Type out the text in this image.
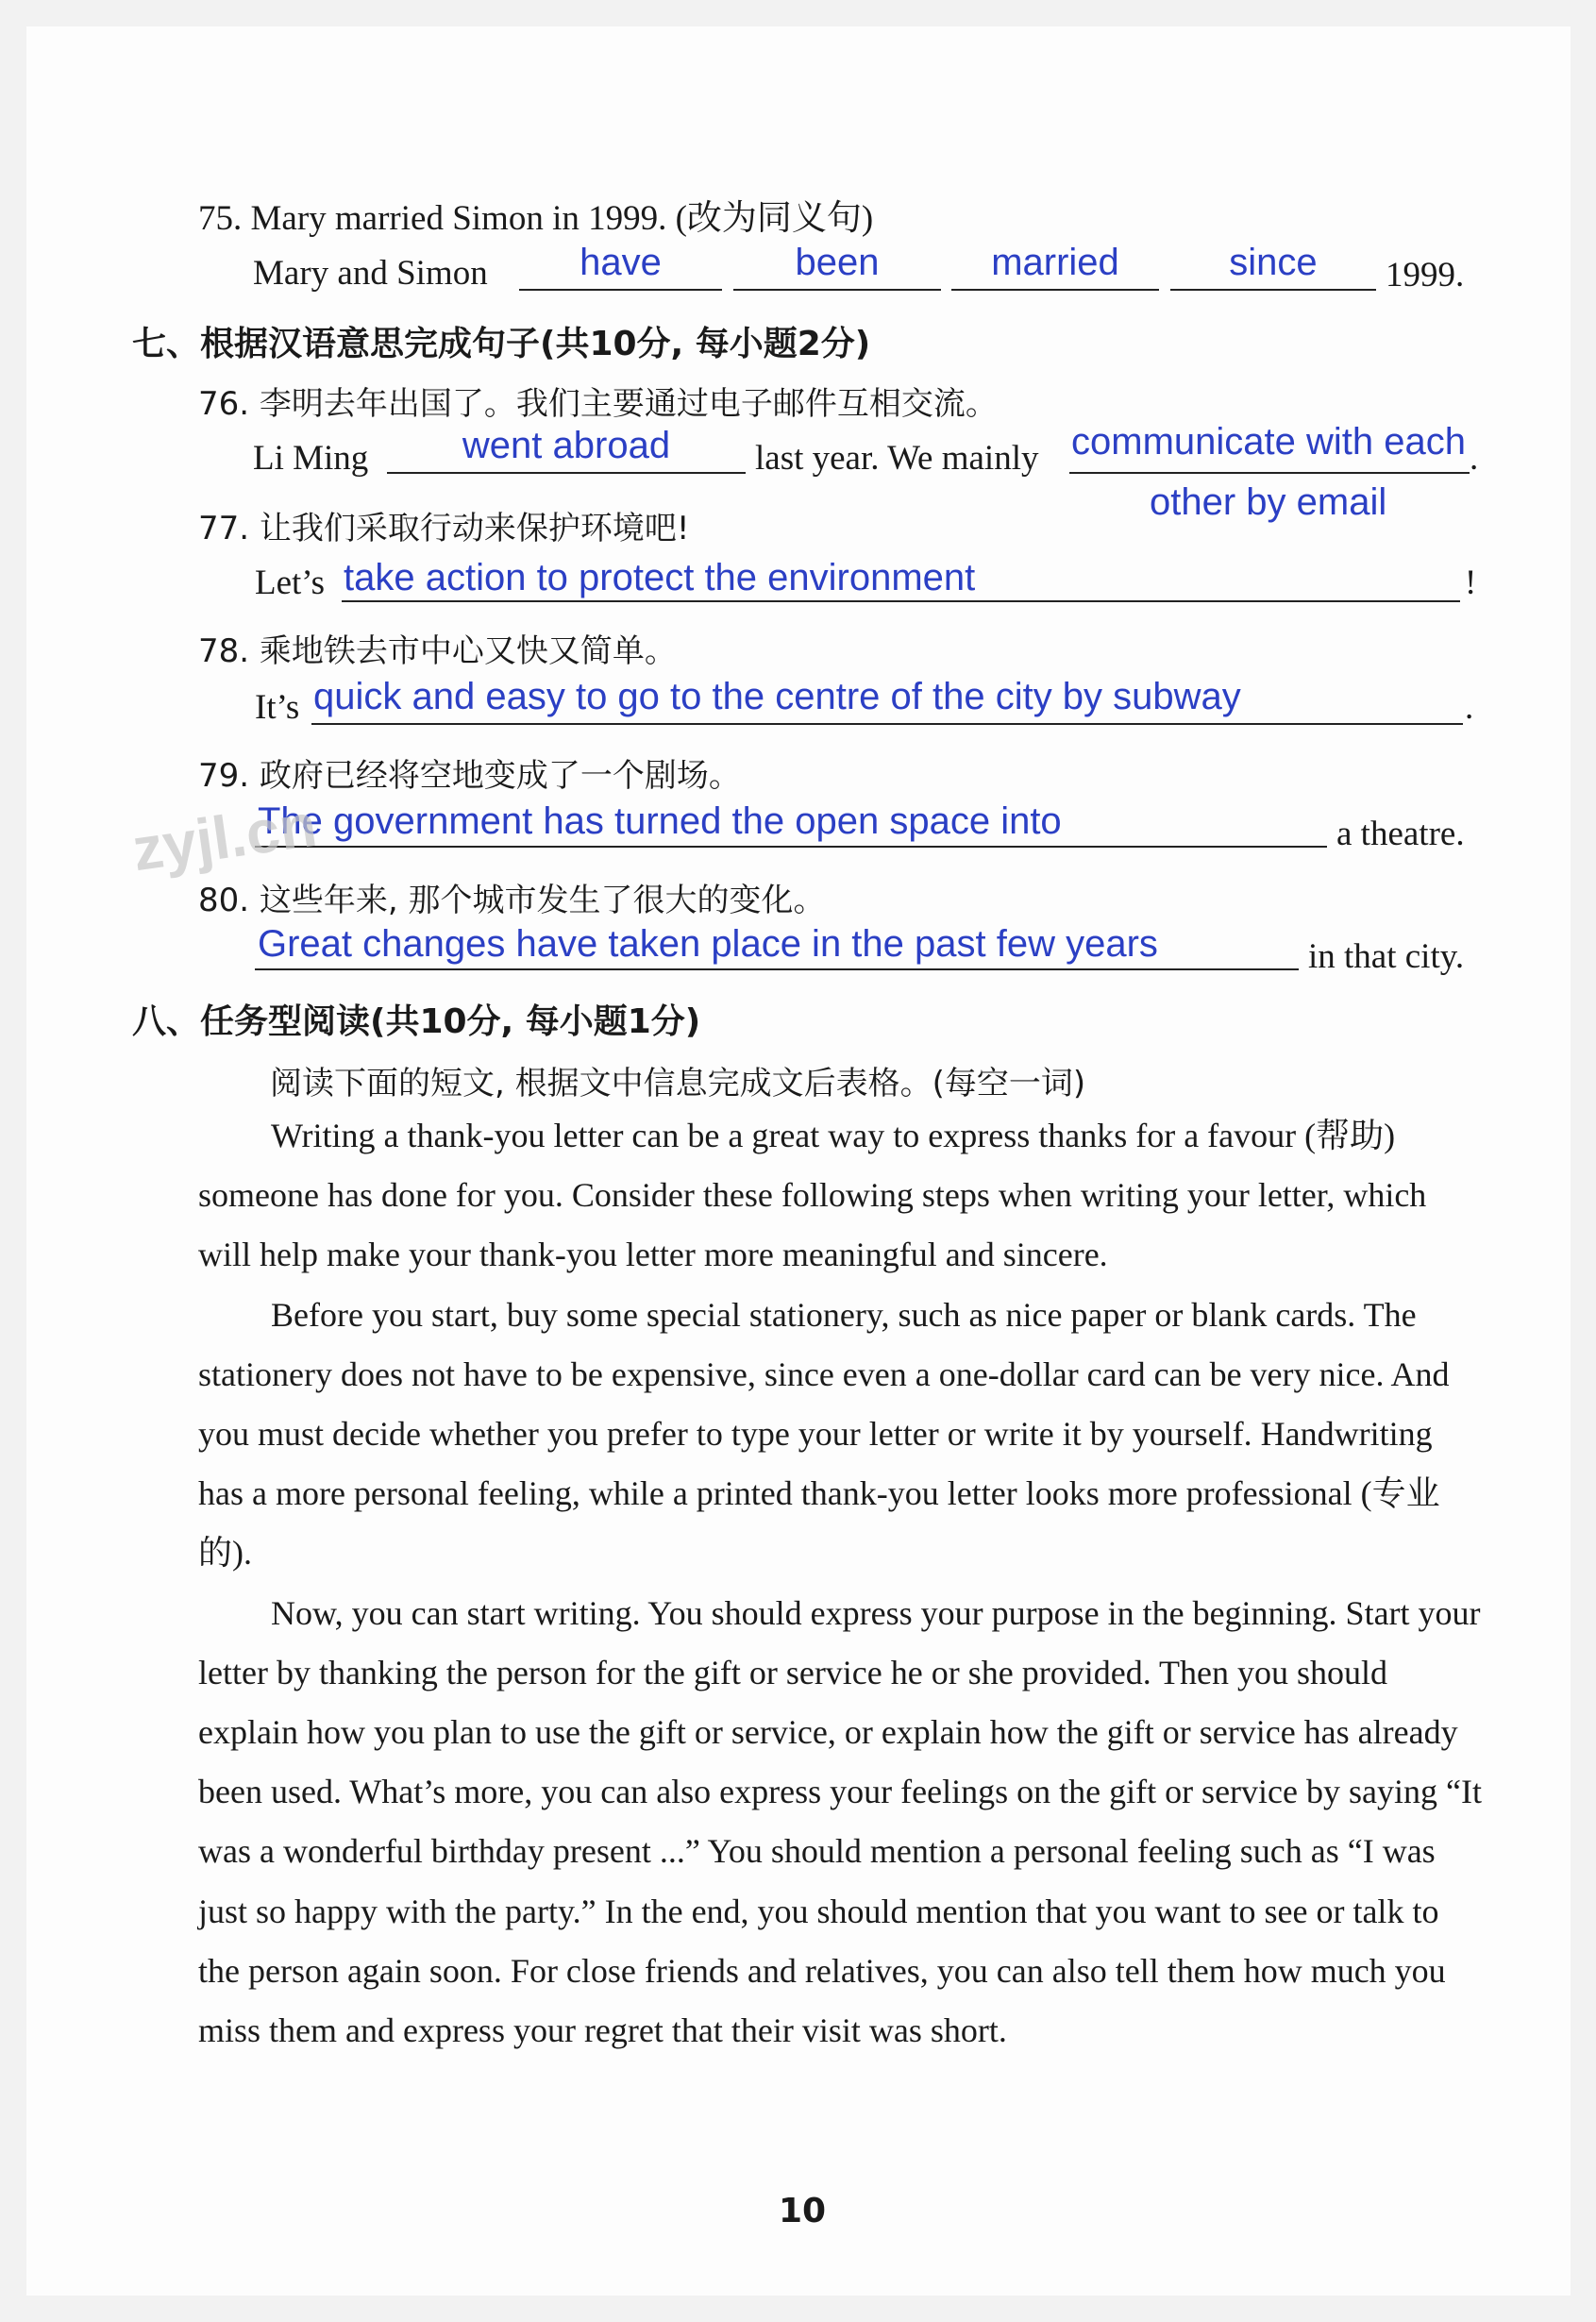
75. Mary married Simon in 1999. (改为同义句)
Mary and Simon	have	been	married	since	1999.
七、根据汉语意思完成句子(共10分, 每小题2分)
76. 李明去年出国了。我们主要通过电子邮件互相交流。
Li Ming	went abroad	last year. We mainly communicate with each .
other by email
77. 让我们采取行动来保护环境吧!
Let’s take action to protect the environment	!
78. 乘地铁去市中心又快又简单。
It’s quick and easy to go to the centre of the city by subway	.
79. 政府已经将空地变成了一个剧场。
The government has turned the open space into	a theatre.
zyjl.cn
80. 这些年来, 那个城市发生了很大的变化。
Great changes have taken place in the past few years	in that city.
八、任务型阅读(共10分, 每小题1分)
阅读下面的短文, 根据文中信息完成文后表格。(每空一词)

Writing a thank-you letter can be a great way to express thanks for a favour (帮助) someone has done for you. Consider these following steps when writing your letter, which will help make your thank-you letter more meaningful and sincere.

Before you start, buy some special stationery, such as nice paper or blank cards. The stationery does not have to be expensive, since even a one-dollar card can be very nice. And you must decide whether you prefer to type your letter or write it by yourself. Handwriting has a more personal feeling, while a printed thank-you letter looks more professional (专业的).

Now, you can start writing. You should express your purpose in the beginning. Start your letter by thanking the person for the gift or service he or she provided. Then you should explain how you plan to use the gift or service, or explain how the gift or service has already been used. What’s more, you can also express your feelings on the gift or service by saying “It was a wonderful birthday present ...” You should mention a personal feeling such as “I was just so happy with the party.” In the end, you should mention that you want to see or talk to the person again soon. For close friends and relatives, you can also tell them how much you miss them and express your regret that their visit was short.

10
